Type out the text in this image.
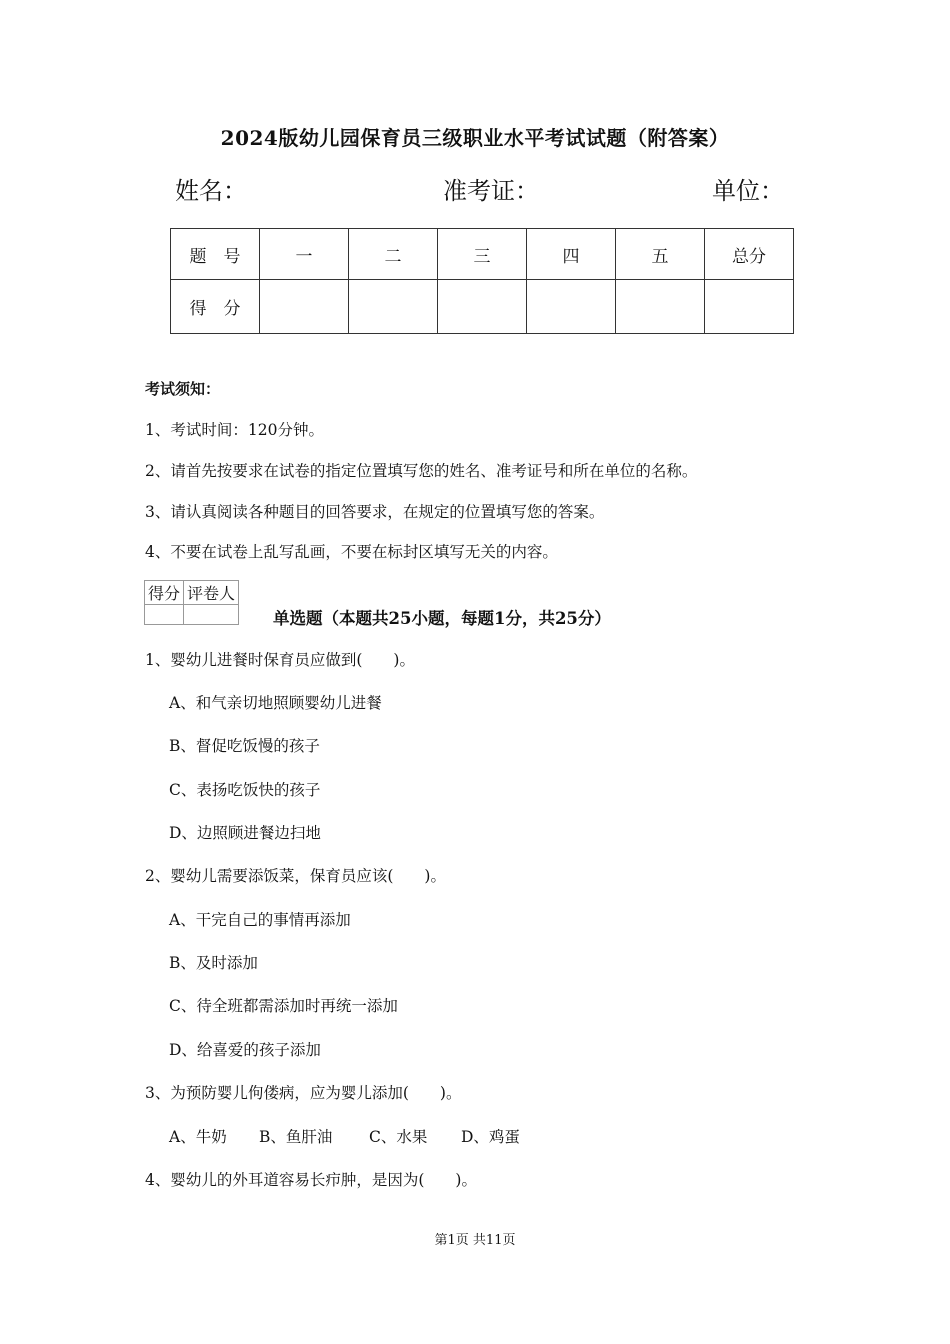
2024版幼儿园保育员三级职业水平考试试题（附答案）
姓名：	准考证：	单位：
题　号	一	二	三	四	五	总分
得　分						
考试须知：
1、考试时间：120分钟。
2、请首先按要求在试卷的指定位置填写您的姓名、准考证号和所在单位的名称。
3、请认真阅读各种题目的回答要求，在规定的位置填写您的答案。
4、不要在试卷上乱写乱画，不要在标封区填写无关的内容。
得分	评卷人

单选题（本题共25小题，每题1分，共25分）
1、婴幼儿进餐时保育员应做到(　　)。
A、和气亲切地照顾婴幼儿进餐
B、督促吃饭慢的孩子
C、表扬吃饭快的孩子
D、边照顾进餐边扫地
2、婴幼儿需要添饭菜，保育员应该(　　)。
A、干完自己的事情再添加
B、及时添加
C、待全班都需添加时再统一添加
D、给喜爱的孩子添加
3、为预防婴儿佝偻病，应为婴儿添加(　　)。
A、牛奶 B、鱼肝油 C、水果 D、鸡蛋
4、婴幼儿的外耳道容易长疖肿，是因为(　　)。
第1页 共11页
